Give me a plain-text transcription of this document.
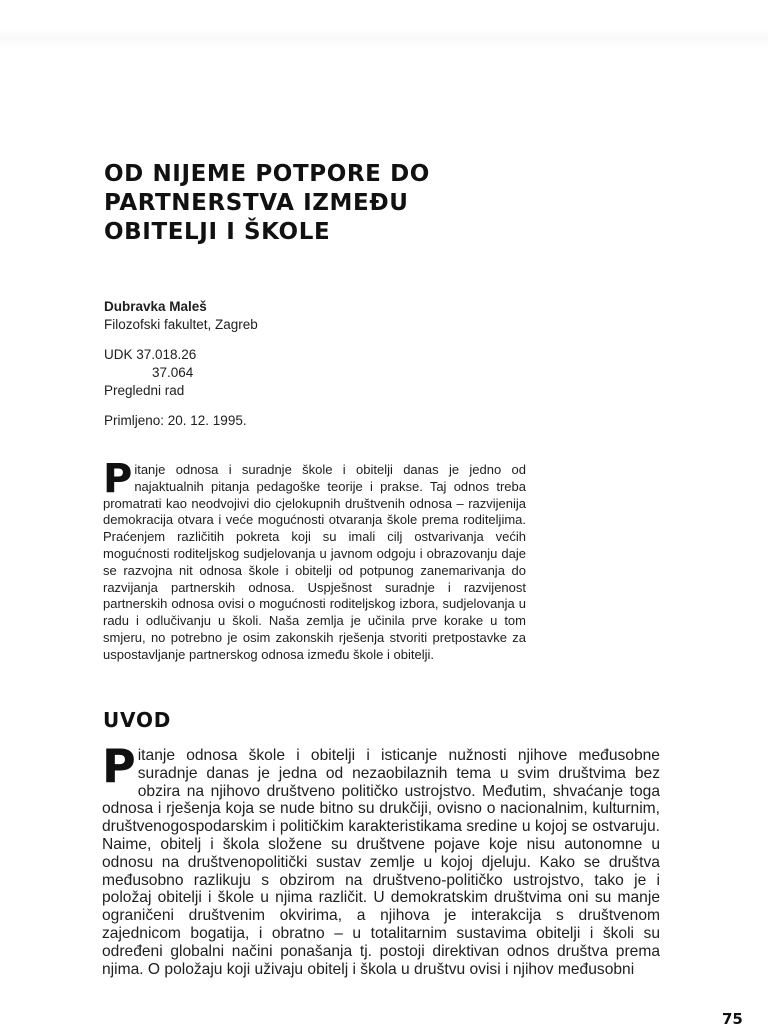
OD NIJEME POTPORE DO
PARTNERSTVA IZMEĐU
OBITELJI I ŠKOLE
Dubravka Maleš
Filozofski fakultet, Zagreb
UDK 37.018.26
37.064
Pregledni rad
Primljeno: 20. 12. 1995.

Pitanje odnosa i suradnje škole i obitelji danas je jedno od najaktualnih pitanja pedagoške teorije i prakse. Taj odnos treba promatrati kao neodvojivi dio cjelokupnih društvenih odnosa – razvijenija demokracija otvara i veće mogućnosti otvaranja škole prema roditeljima. Praćenjem različitih pokreta koji su imali cilj ostvarivanja većih mogućnosti roditeljskog sudjelovanja u javnom odgoju i obrazovanju daje se razvojna nit odnosa škole i obitelji od potpunog zanemarivanja do razvijanja partnerskih odnosa. Uspješnost suradnje i razvijenost partnerskih odnosa ovisi o mogućnosti roditeljskog izbora, sudjelovanja u radu i odlučivanju u školi. Naša zemlja je učinila prve korake u tom smjeru, no potrebno je osim zakonskih rješenja stvoriti pretpostavke za uspostavljanje partnerskog odnosa između škole i obitelji.

UVOD

Pitanje odnosa škole i obitelji i isticanje nužnosti njihove međusobne suradnje danas je jedna od nezaobilaznih tema u svim društvima bez obzira na njihovo društveno političko ustrojstvo. Međutim, shvaćanje toga odnosa i rješenja koja se nude bitno su drukčiji, ovisno o nacionalnim, kulturnim, društvenogospodarskim i političkim karakteristikama sredine u kojoj se ostvaruju. Naime, obitelj i škola složene su društvene pojave koje nisu autonomne u odnosu na društvenopolitički sustav zemlje u kojoj djeluju. Kako se društva međusobno razlikuju s obzirom na društveno-političko ustrojstvo, tako je i položaj obitelji i škole u njima različit. U demokratskim društvima oni su manje ograničeni društvenim okvirima, a njihova je interakcija s društvenom zajednicom bogatija, i obratno – u totalitarnim sustavima obitelji i školi su određeni globalni načini ponašanja tj. postoji direktivan odnos društva prema njima. O položaju koji uživaju obitelj i škola u društvu ovisi i njihov međusobni

75
